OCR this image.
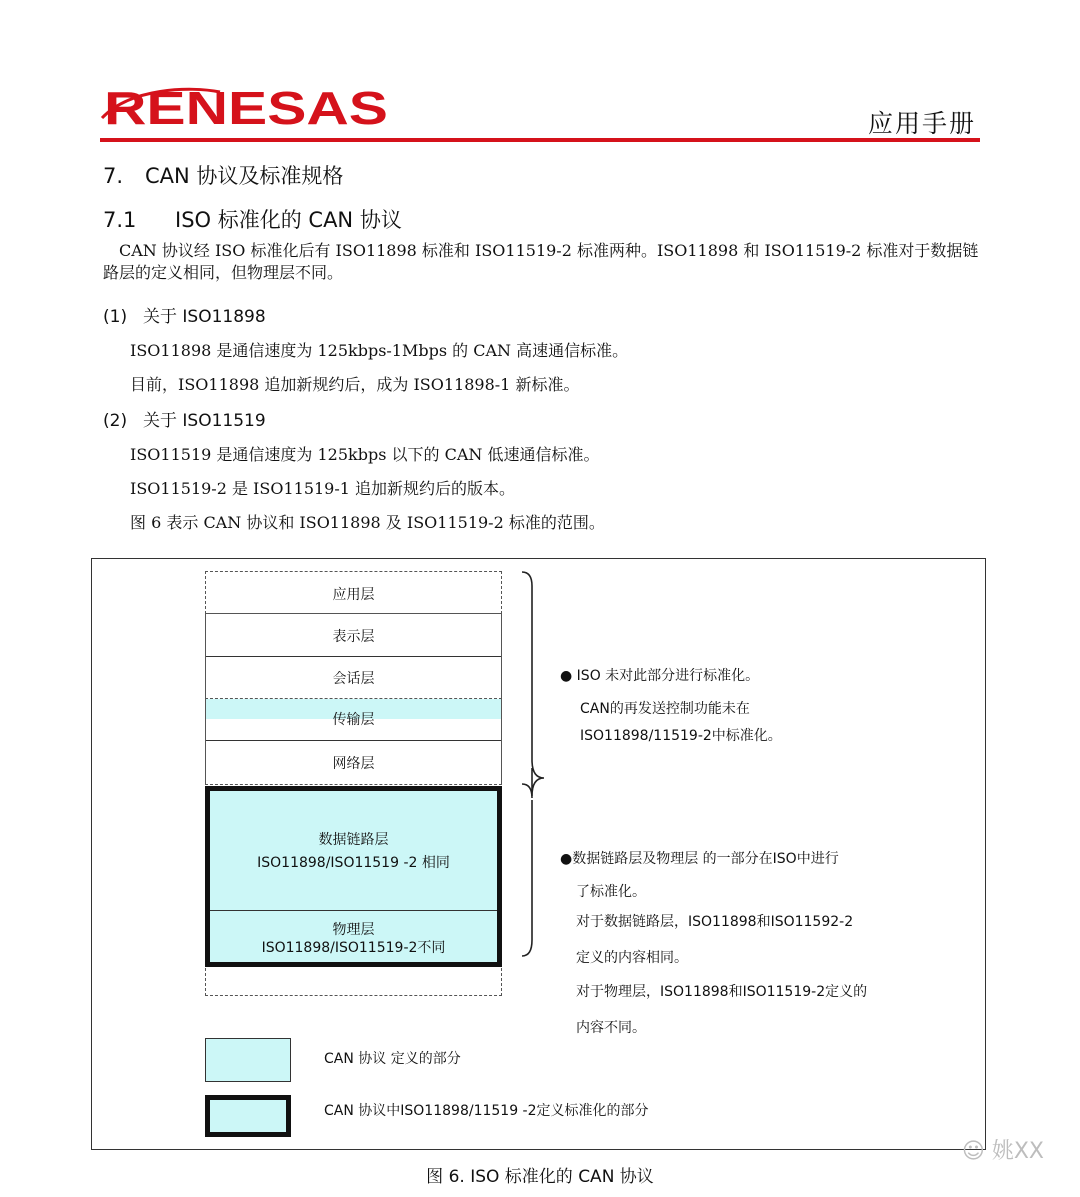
RENESAS	应用手册
7. CAN 协议及标准规格
7.1 ISO 标准化的 CAN 协议
CAN 协议经 ISO 标准化后有 ISO11898 标准和 ISO11519-2 标准两种。ISO11898 和 ISO11519-2 标准对于数据链路层的定义相同，但物理层不同。
(1) 关于 ISO11898
ISO11898 是通信速度为 125kbps-1Mbps 的 CAN 高速通信标准。
目前，ISO11898 追加新规约后，成为 ISO11898-1 新标准。
(2) 关于 ISO11519
ISO11519 是通信速度为 125kbps 以下的 CAN 低速通信标准。
ISO11519-2 是 ISO11519-1 追加新规约后的版本。
图 6 表示 CAN 协议和 ISO11898 及 ISO11519-2 标准的范围。
应用层
表示层
会话层
传输层
网络层
数据链路层
ISO11898/ISO11519 -2 相同
物理层
ISO11898/ISO11519-2不同
● ISO 未对此部分进行标准化。
CAN的再发送控制功能未在
ISO11898/11519-2中标准化。
●数据链路层及物理层 的一部分在ISO中进行
了标准化。
对于数据链路层，ISO11898和ISO11592-2
定义的内容相同。
对于物理层，ISO11898和ISO11519-2定义的
内容不同。
CAN 协议 定义的部分
CAN 协议中ISO11898/11519 -2定义标准化的部分
图 6. ISO 标准化的 CAN 协议
☺ 姚XX
